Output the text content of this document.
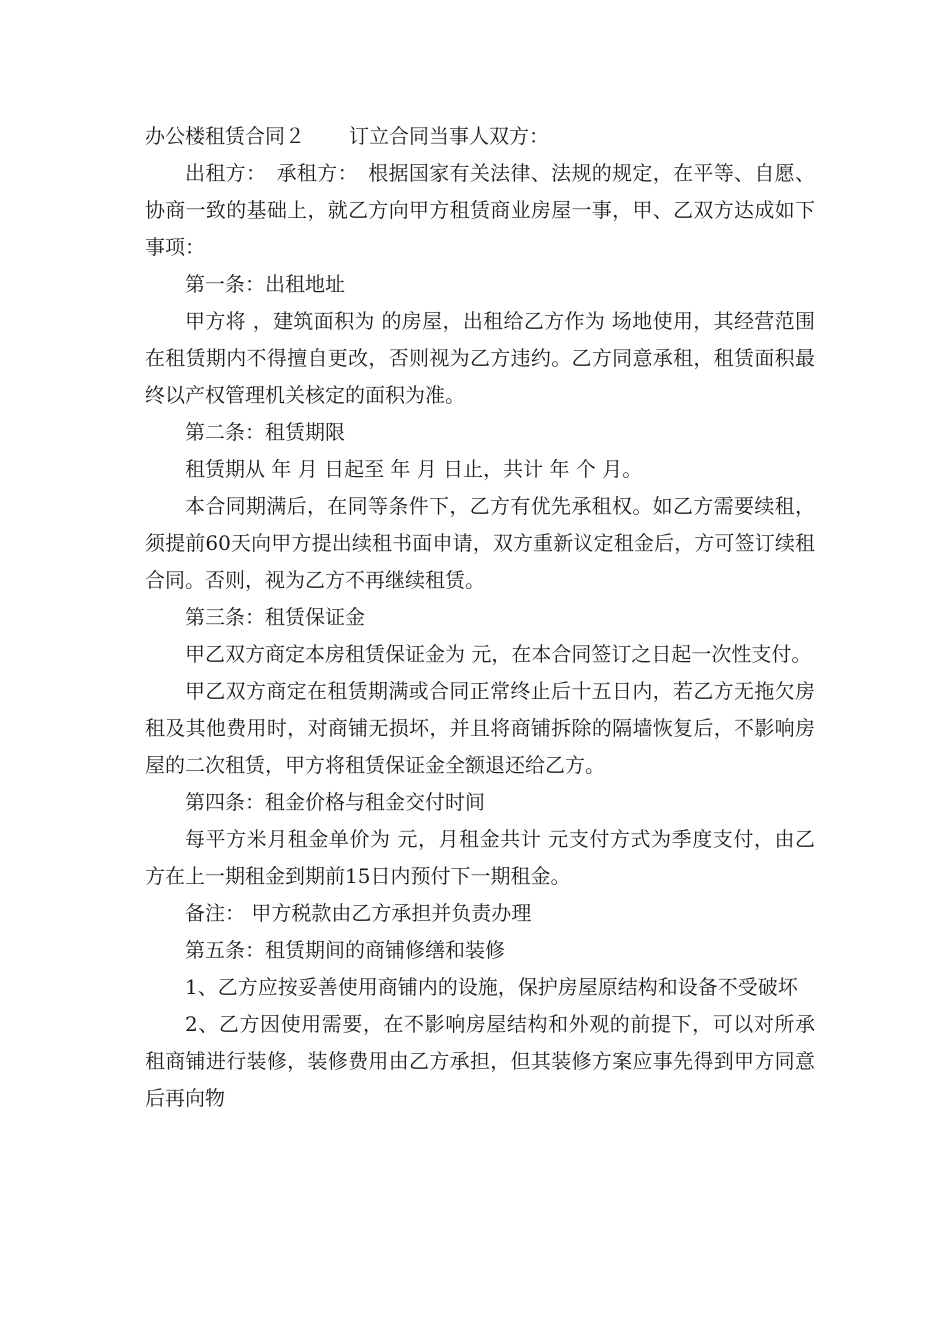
办公楼租赁合同２ 订立合同当事人双方：

出租方：　承租方：　根据国家有关法律、法规的规定，在平等、自愿、协商一致的基础上，就乙方向甲方租赁商业房屋一事，甲、乙双方达成如下事项：

第一条：出租地址

甲方将 ，建筑面积为 的房屋，出租给乙方作为 场地使用，其经营范围在租赁期内不得擅自更改，否则视为乙方违约。乙方同意承租，租赁面积最终以产权管理机关核定的面积为准。

第二条：租赁期限

租赁期从 年 月 日起至 年 月 日止，共计 年 个 月。

本合同期满后，在同等条件下，乙方有优先承租权。如乙方需要续租，须提前60天向甲方提出续租书面申请，双方重新议定租金后，方可签订续租合同。否则，视为乙方不再继续租赁。

第三条：租赁保证金

甲乙双方商定本房租赁保证金为 元，在本合同签订之日起一次性支付。

甲乙双方商定在租赁期满或合同正常终止后十五日内，若乙方无拖欠房租及其他费用时，对商铺无损坏，并且将商铺拆除的隔墙恢复后，不影响房屋的二次租赁，甲方将租赁保证金全额退还给乙方。

第四条：租金价格与租金交付时间

每平方米月租金单价为 元，月租金共计 元支付方式为季度支付，由乙方在上一期租金到期前15日内预付下一期租金。

备注： 甲方税款由乙方承担并负责办理

第五条：租赁期间的商铺修缮和装修

1、乙方应按妥善使用商铺内的设施，保护房屋原结构和设备不受破坏

2、乙方因使用需要，在不影响房屋结构和外观的前提下，可以对所承租商铺进行装修，装修费用由乙方承担，但其装修方案应事先得到甲方同意后再向物
